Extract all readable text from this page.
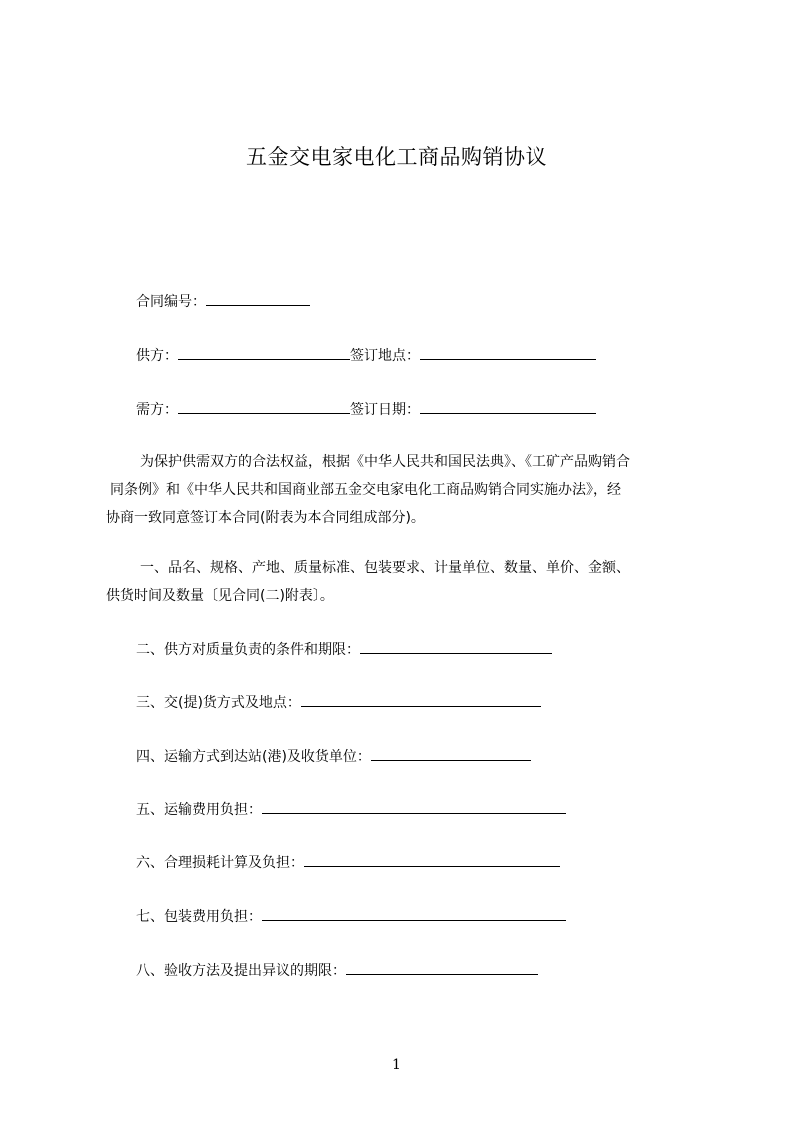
五金交电家电化工商品购销协议
合同编号：
供方：	签订地点：
需方：	签订日期：
为保护供需双方的合法权益，根据《中华人民共和国民法典》、《工矿产品购销合
同条例》和《中华人民共和国商业部五金交电家电化工商品购销合同实施办法》，经
协商一致同意签订本合同(附表为本合同组成部分)。
一、品名、规格、产地、质量标准、包装要求、计量单位、数量、单价、金额、
供货时间及数量〔见合同(二)附表〕。
二、供方对质量负责的条件和期限：
三、交(提)货方式及地点：
四、运输方式到达站(港)及收货单位：
五、运输费用负担：
六、合理损耗计算及负担：
七、包装费用负担：
八、验收方法及提出异议的期限：
1
